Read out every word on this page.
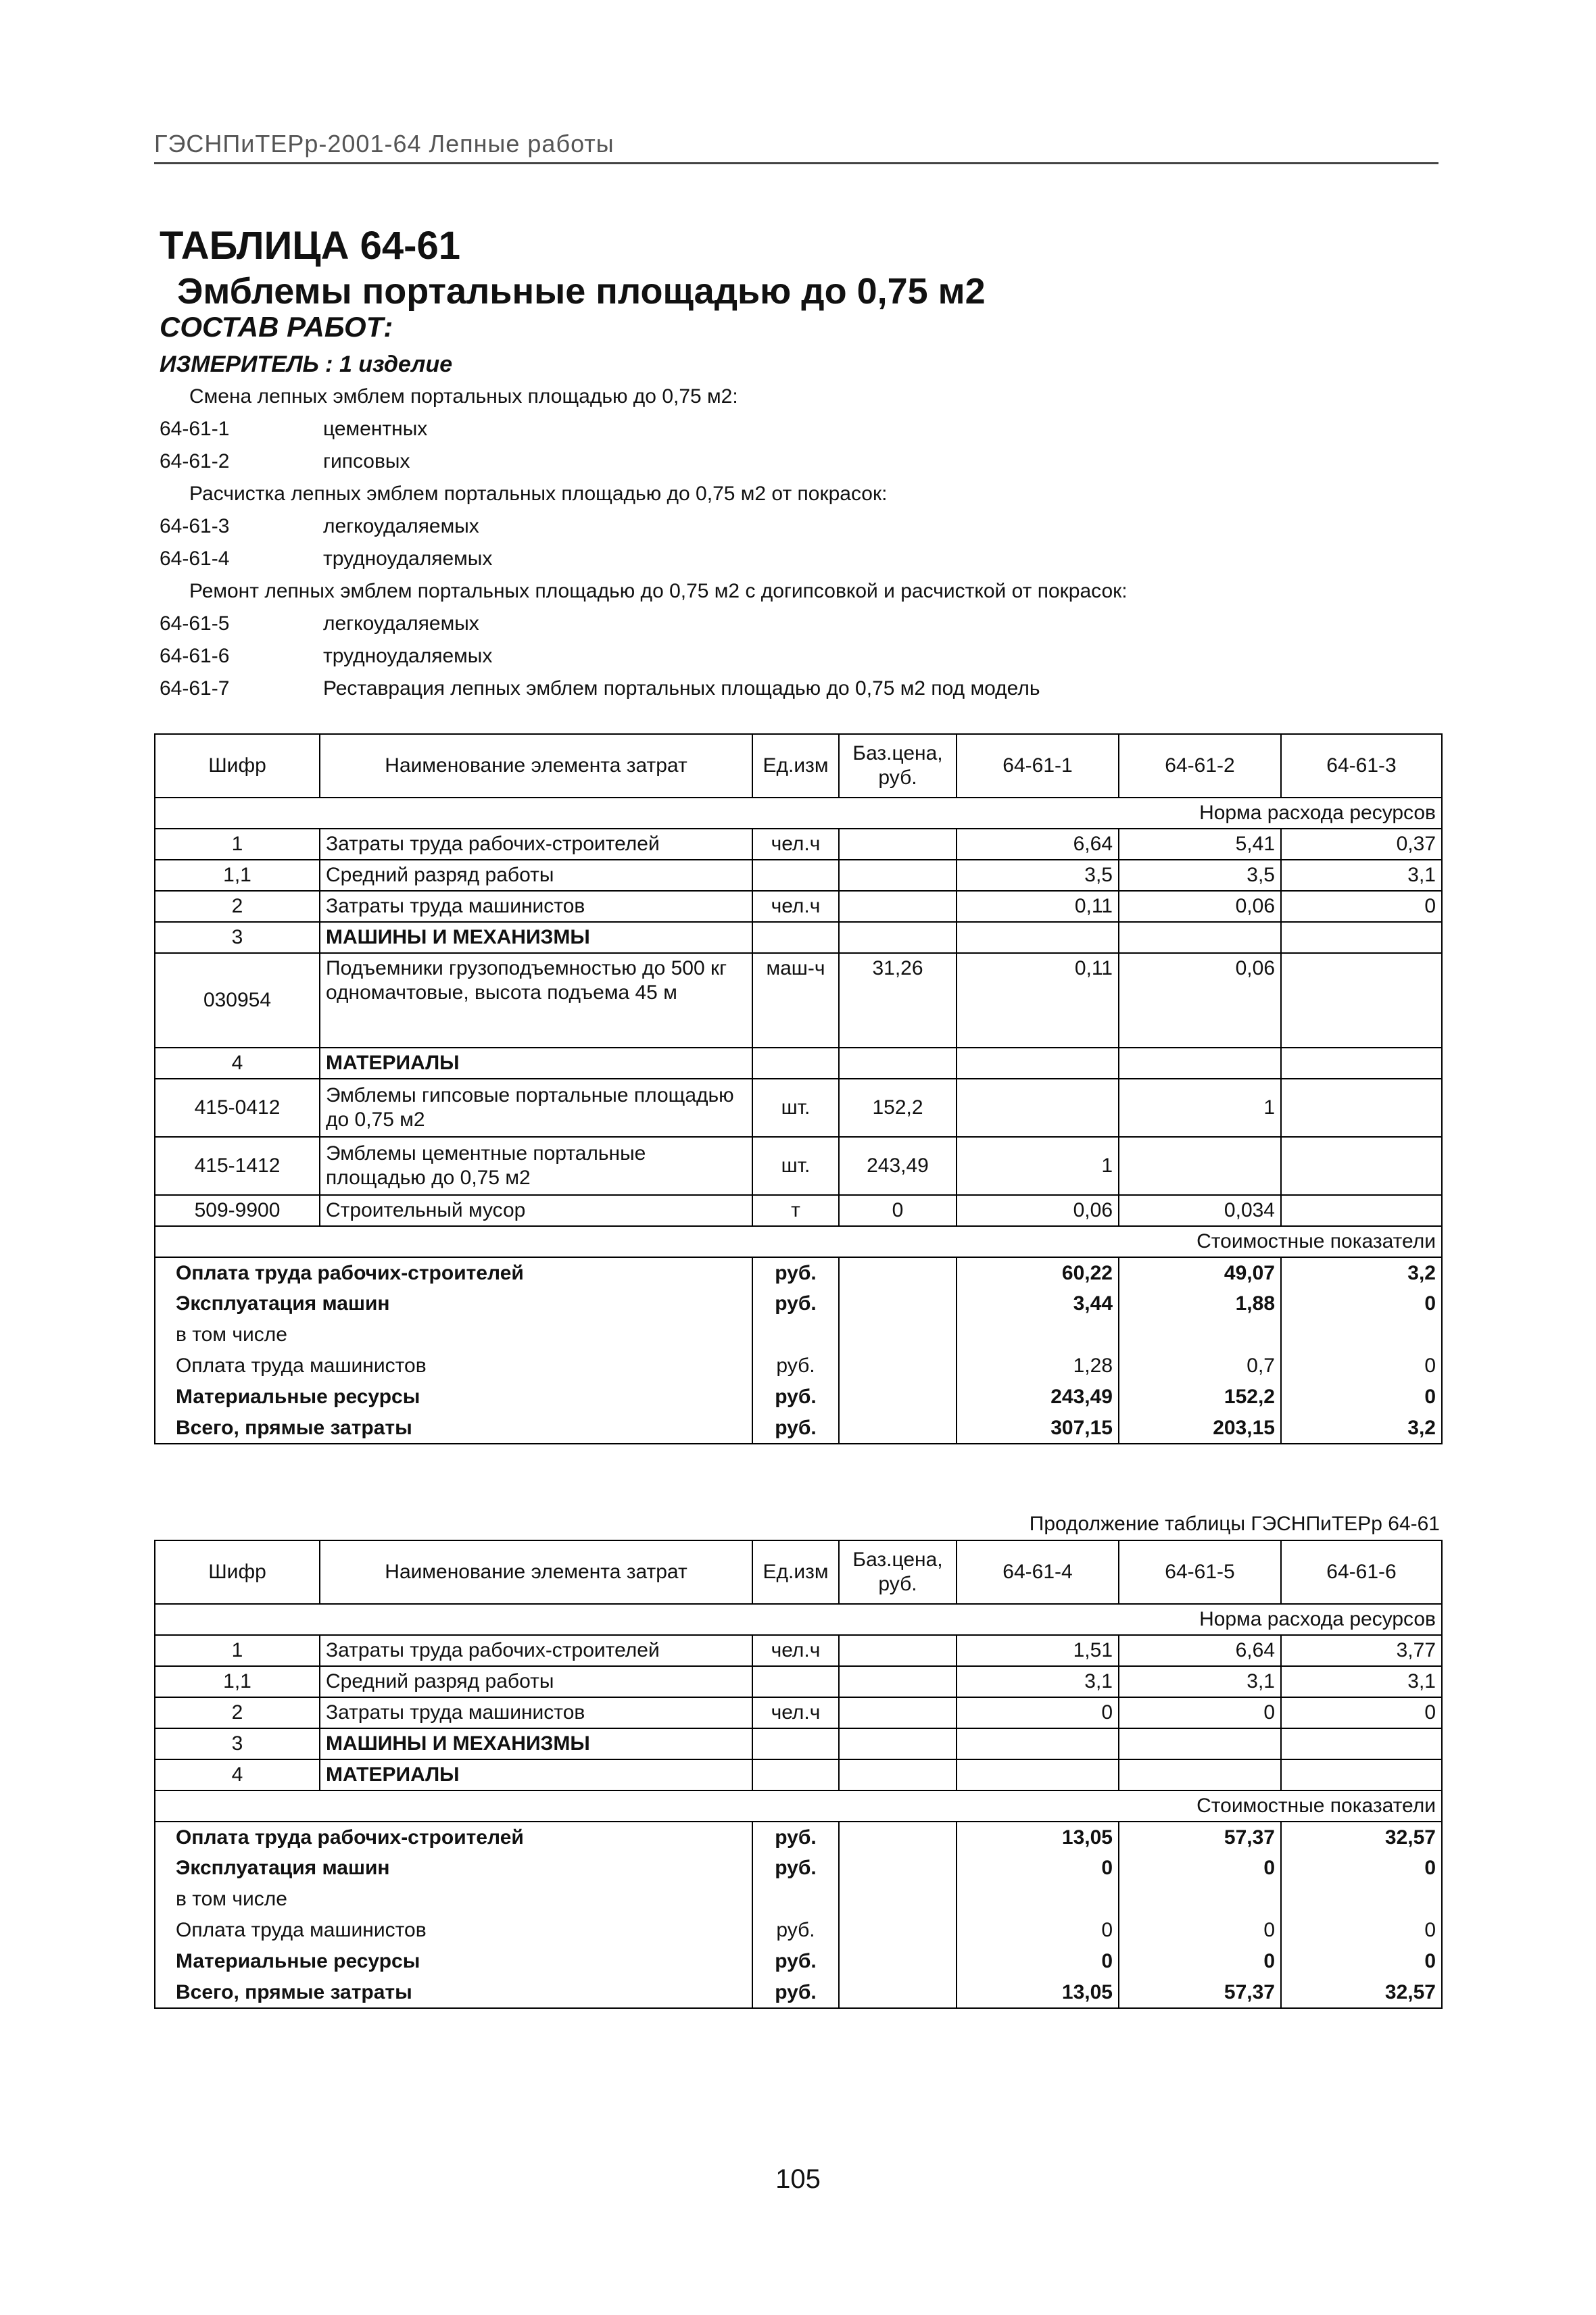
ГЭСНПиТЕРр-2001-64 Лепные работы
ТАБЛИЦА 64-61
Эмблемы портальные площадью до 0,75 м2
СОСТАВ РАБОТ:
ИЗМЕРИТЕЛЬ : 1 изделие
Смена лепных эмблем портальных площадью до 0,75 м2:
64-61-1	цементных
64-61-2	гипсовых
Расчистка лепных эмблем портальных площадью до 0,75 м2 от покрасок:
64-61-3	легкоудаляемых
64-61-4	трудноудаляемых
Ремонт лепных эмблем портальных площадью до 0,75 м2 с догипсовкой и расчисткой от покрасок:
64-61-5	легкоудаляемых
64-61-6	трудноудаляемых
64-61-7	Реставрация лепных эмблем портальных площадью до 0,75 м2 под модель
Шифр	Наименование элемента затрат	Ед.изм	Баз.цена, руб.	64-61-1	64-61-2	64-61-3
Норма расхода ресурсов						
1	Затраты труда рабочих-строителей	чел.ч		6,64	5,41	0,37
1,1	Средний разряд работы			3,5	3,5	3,1
2	Затраты труда машинистов	чел.ч		0,11	0,06	0
3	МАШИНЫ И МЕХАНИЗМЫ					
030954	Подъемники грузоподъемностью до 500 кг одномачтовые, высота подъема 45 м	маш-ч	31,26	0,11	0,06	
4	МАТЕРИАЛЫ					
415-0412	Эмблемы гипсовые портальные площадью до 0,75 м2	шт.	152,2		1	
415-1412	Эмблемы цементные портальные площадью до 0,75 м2	шт.	243,49	1		
509-9900	Строительный мусор	т	0	0,06	0,034	
Стоимостные показатели						
Оплата труда рабочих-строителей		руб.		60,22	49,07	3,2
Эксплуатация машин		руб.		3,44	1,88	0
в том числе						
Оплата труда машинистов		руб.		1,28	0,7	0
Материальные ресурсы		руб.		243,49	152,2	0
Всего, прямые затраты		руб.		307,15	203,15	3,2
Продолжение таблицы ГЭСНПиТЕРр 64-61
Шифр	Наименование элемента затрат	Ед.изм	Баз.цена, руб.	64-61-4	64-61-5	64-61-6
Норма расхода ресурсов						
1	Затраты труда рабочих-строителей	чел.ч		1,51	6,64	3,77
1,1	Средний разряд работы			3,1	3,1	3,1
2	Затраты труда машинистов	чел.ч		0	0	0
3	МАШИНЫ И МЕХАНИЗМЫ					
4	МАТЕРИАЛЫ					
Стоимостные показатели						
Оплата труда рабочих-строителей		руб.		13,05	57,37	32,57
Эксплуатация машин		руб.		0	0	0
в том числе						
Оплата труда машинистов		руб.		0	0	0
Материальные ресурсы		руб.		0	0	0
Всего, прямые затраты		руб.		13,05	57,37	32,57
105
